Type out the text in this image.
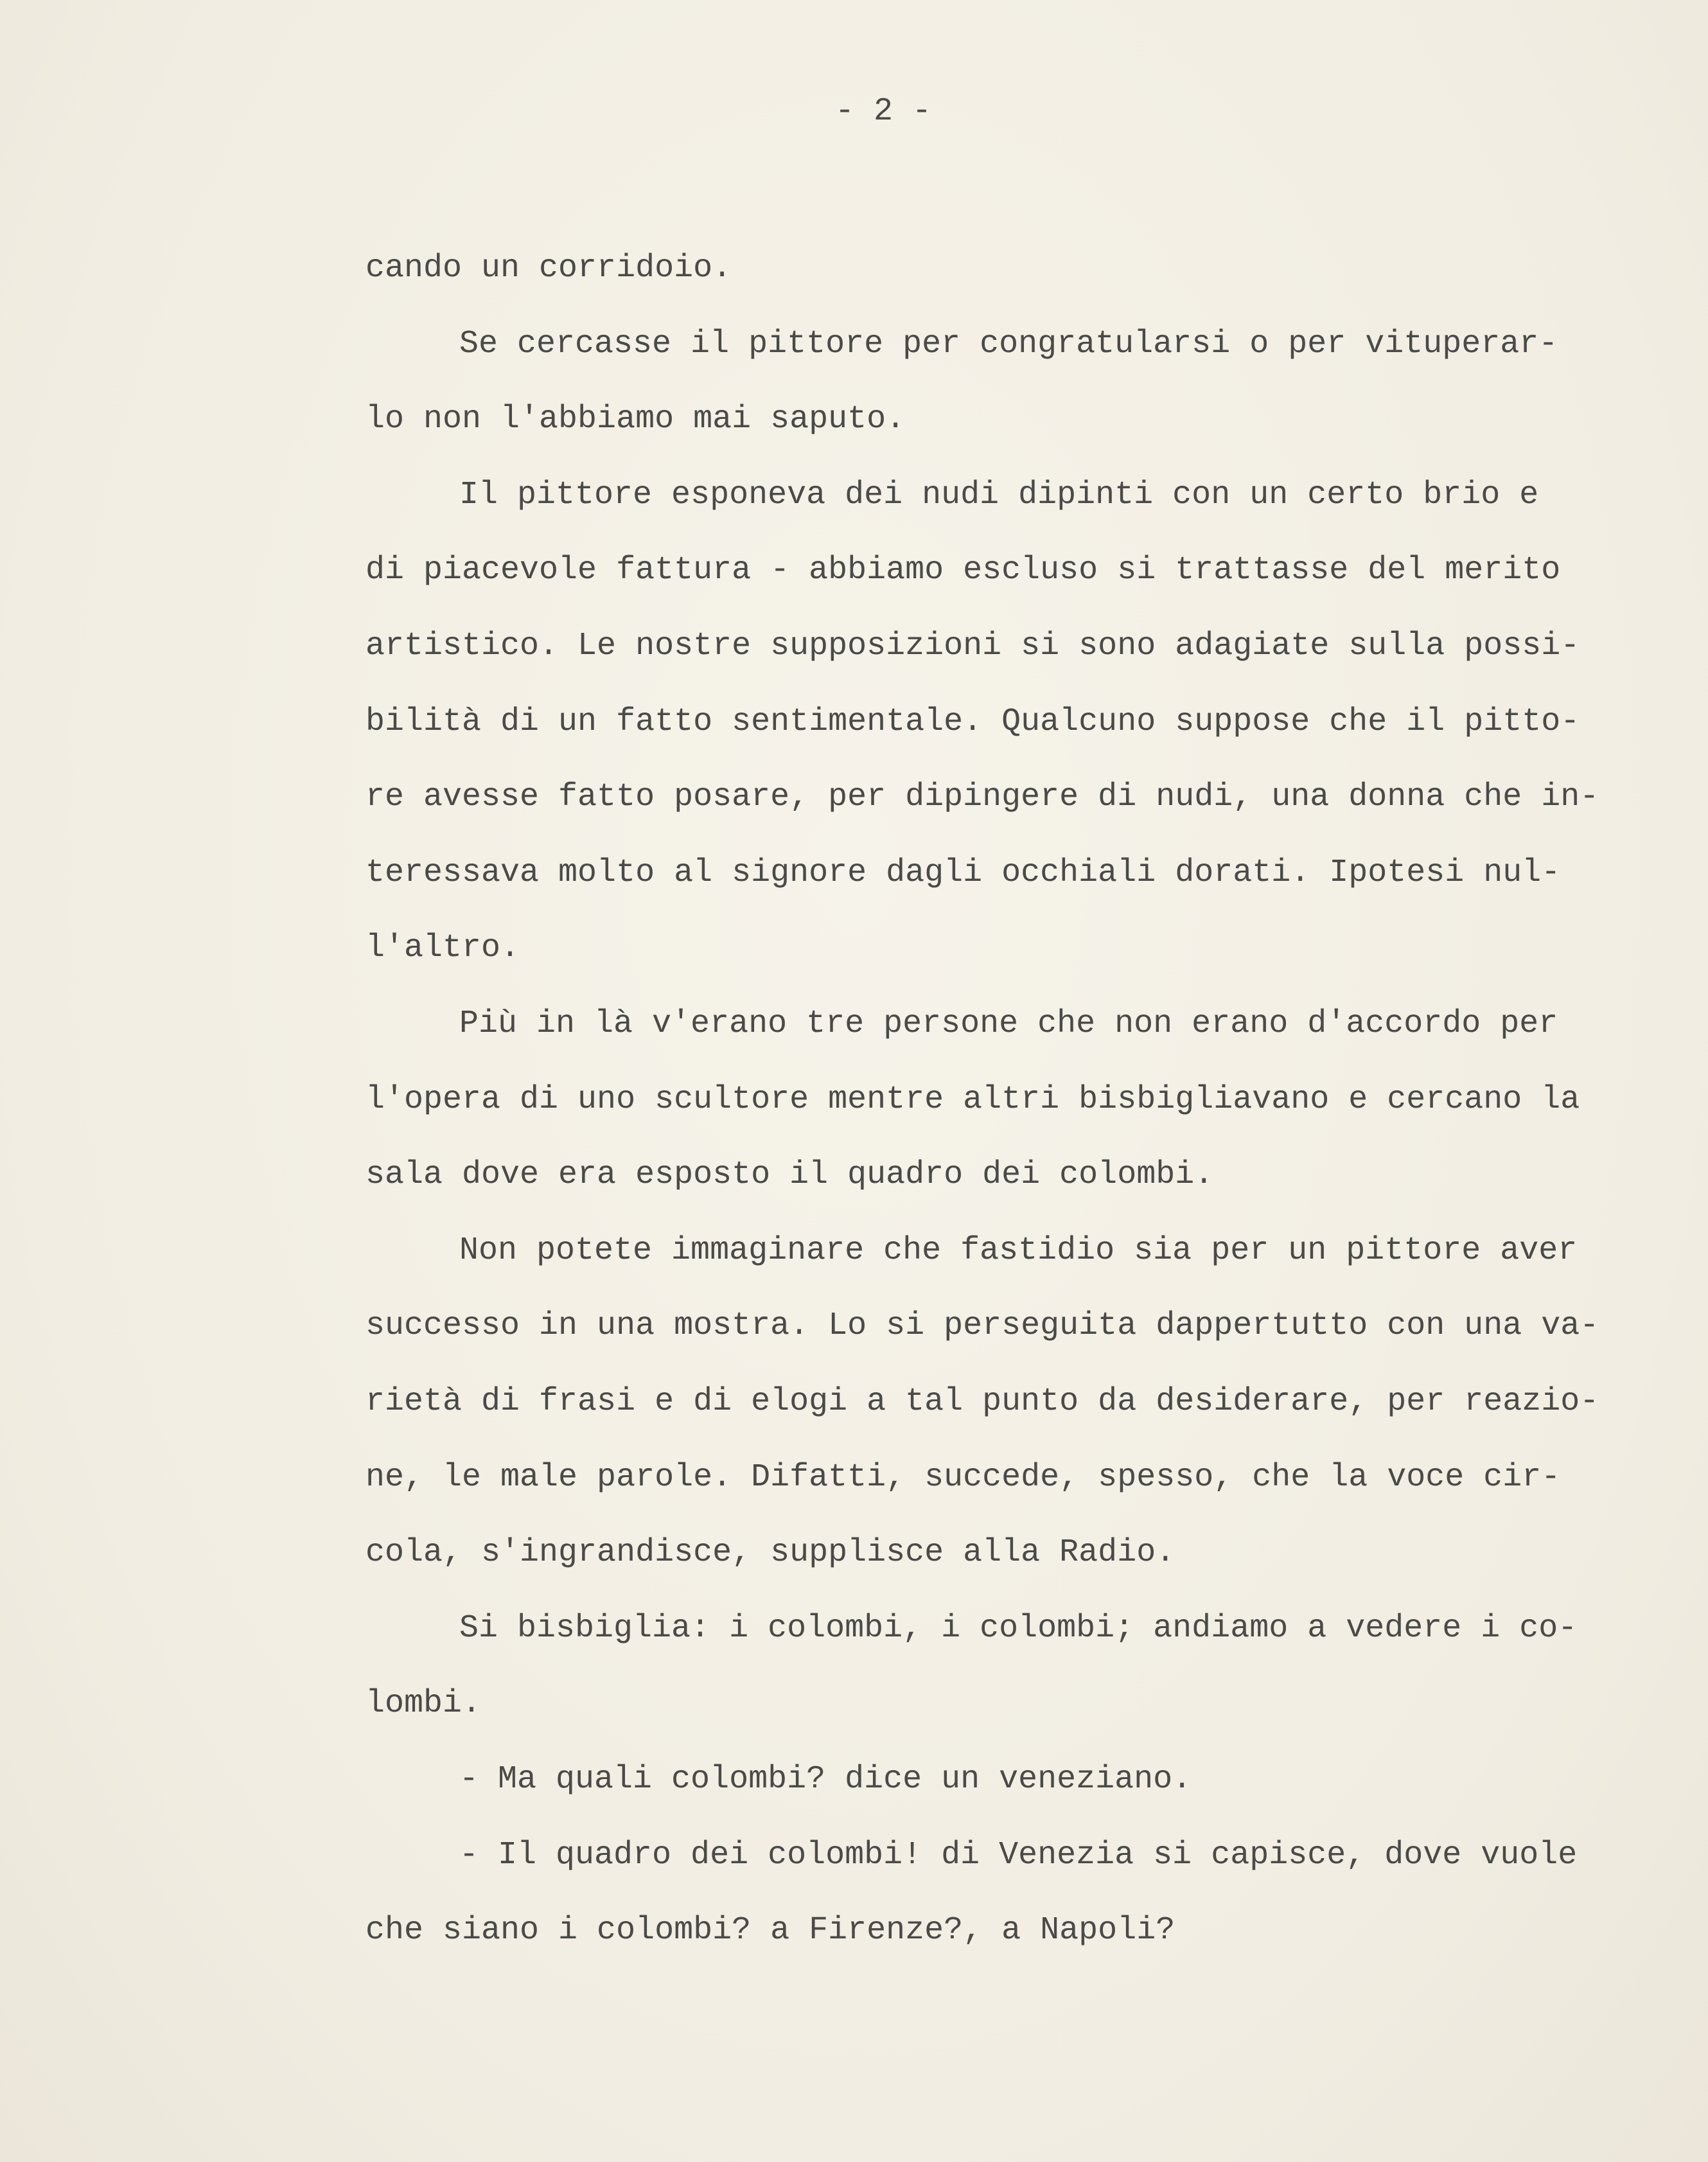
- 2 -
cando un corridoio.
Se cercasse il pittore per congratularsi o per vituperar-
lo non l'abbiamo mai saputo.
Il pittore esponeva dei nudi dipinti con un certo brio e
di piacevole fattura - abbiamo escluso si trattasse del merito
artistico. Le nostre supposizioni si sono adagiate sulla possi-
bilità di un fatto sentimentale. Qualcuno suppose che il pitto-
re avesse fatto posare, per dipingere di nudi, una donna che in-
teressava molto al signore dagli occhiali dorati. Ipotesi nul-
l'altro.
Più in là v'erano tre persone che non erano d'accordo per
l'opera di uno scultore mentre altri bisbigliavano e cercano la
sala dove era esposto il quadro dei colombi.
Non potete immaginare che fastidio sia per un pittore aver
successo in una mostra. Lo si perseguita dappertutto con una va-
rietà di frasi e di elogi a tal punto da desiderare, per reazio-
ne, le male parole. Difatti, succede, spesso, che la voce cir-
cola, s'ingrandisce, supplisce alla Radio.
Si bisbiglia: i colombi, i colombi; andiamo a vedere i co-
lombi.
- Ma quali colombi? dice un veneziano.
- Il quadro dei colombi! di Venezia si capisce, dove vuole
che siano i colombi? a Firenze?, a Napoli?
